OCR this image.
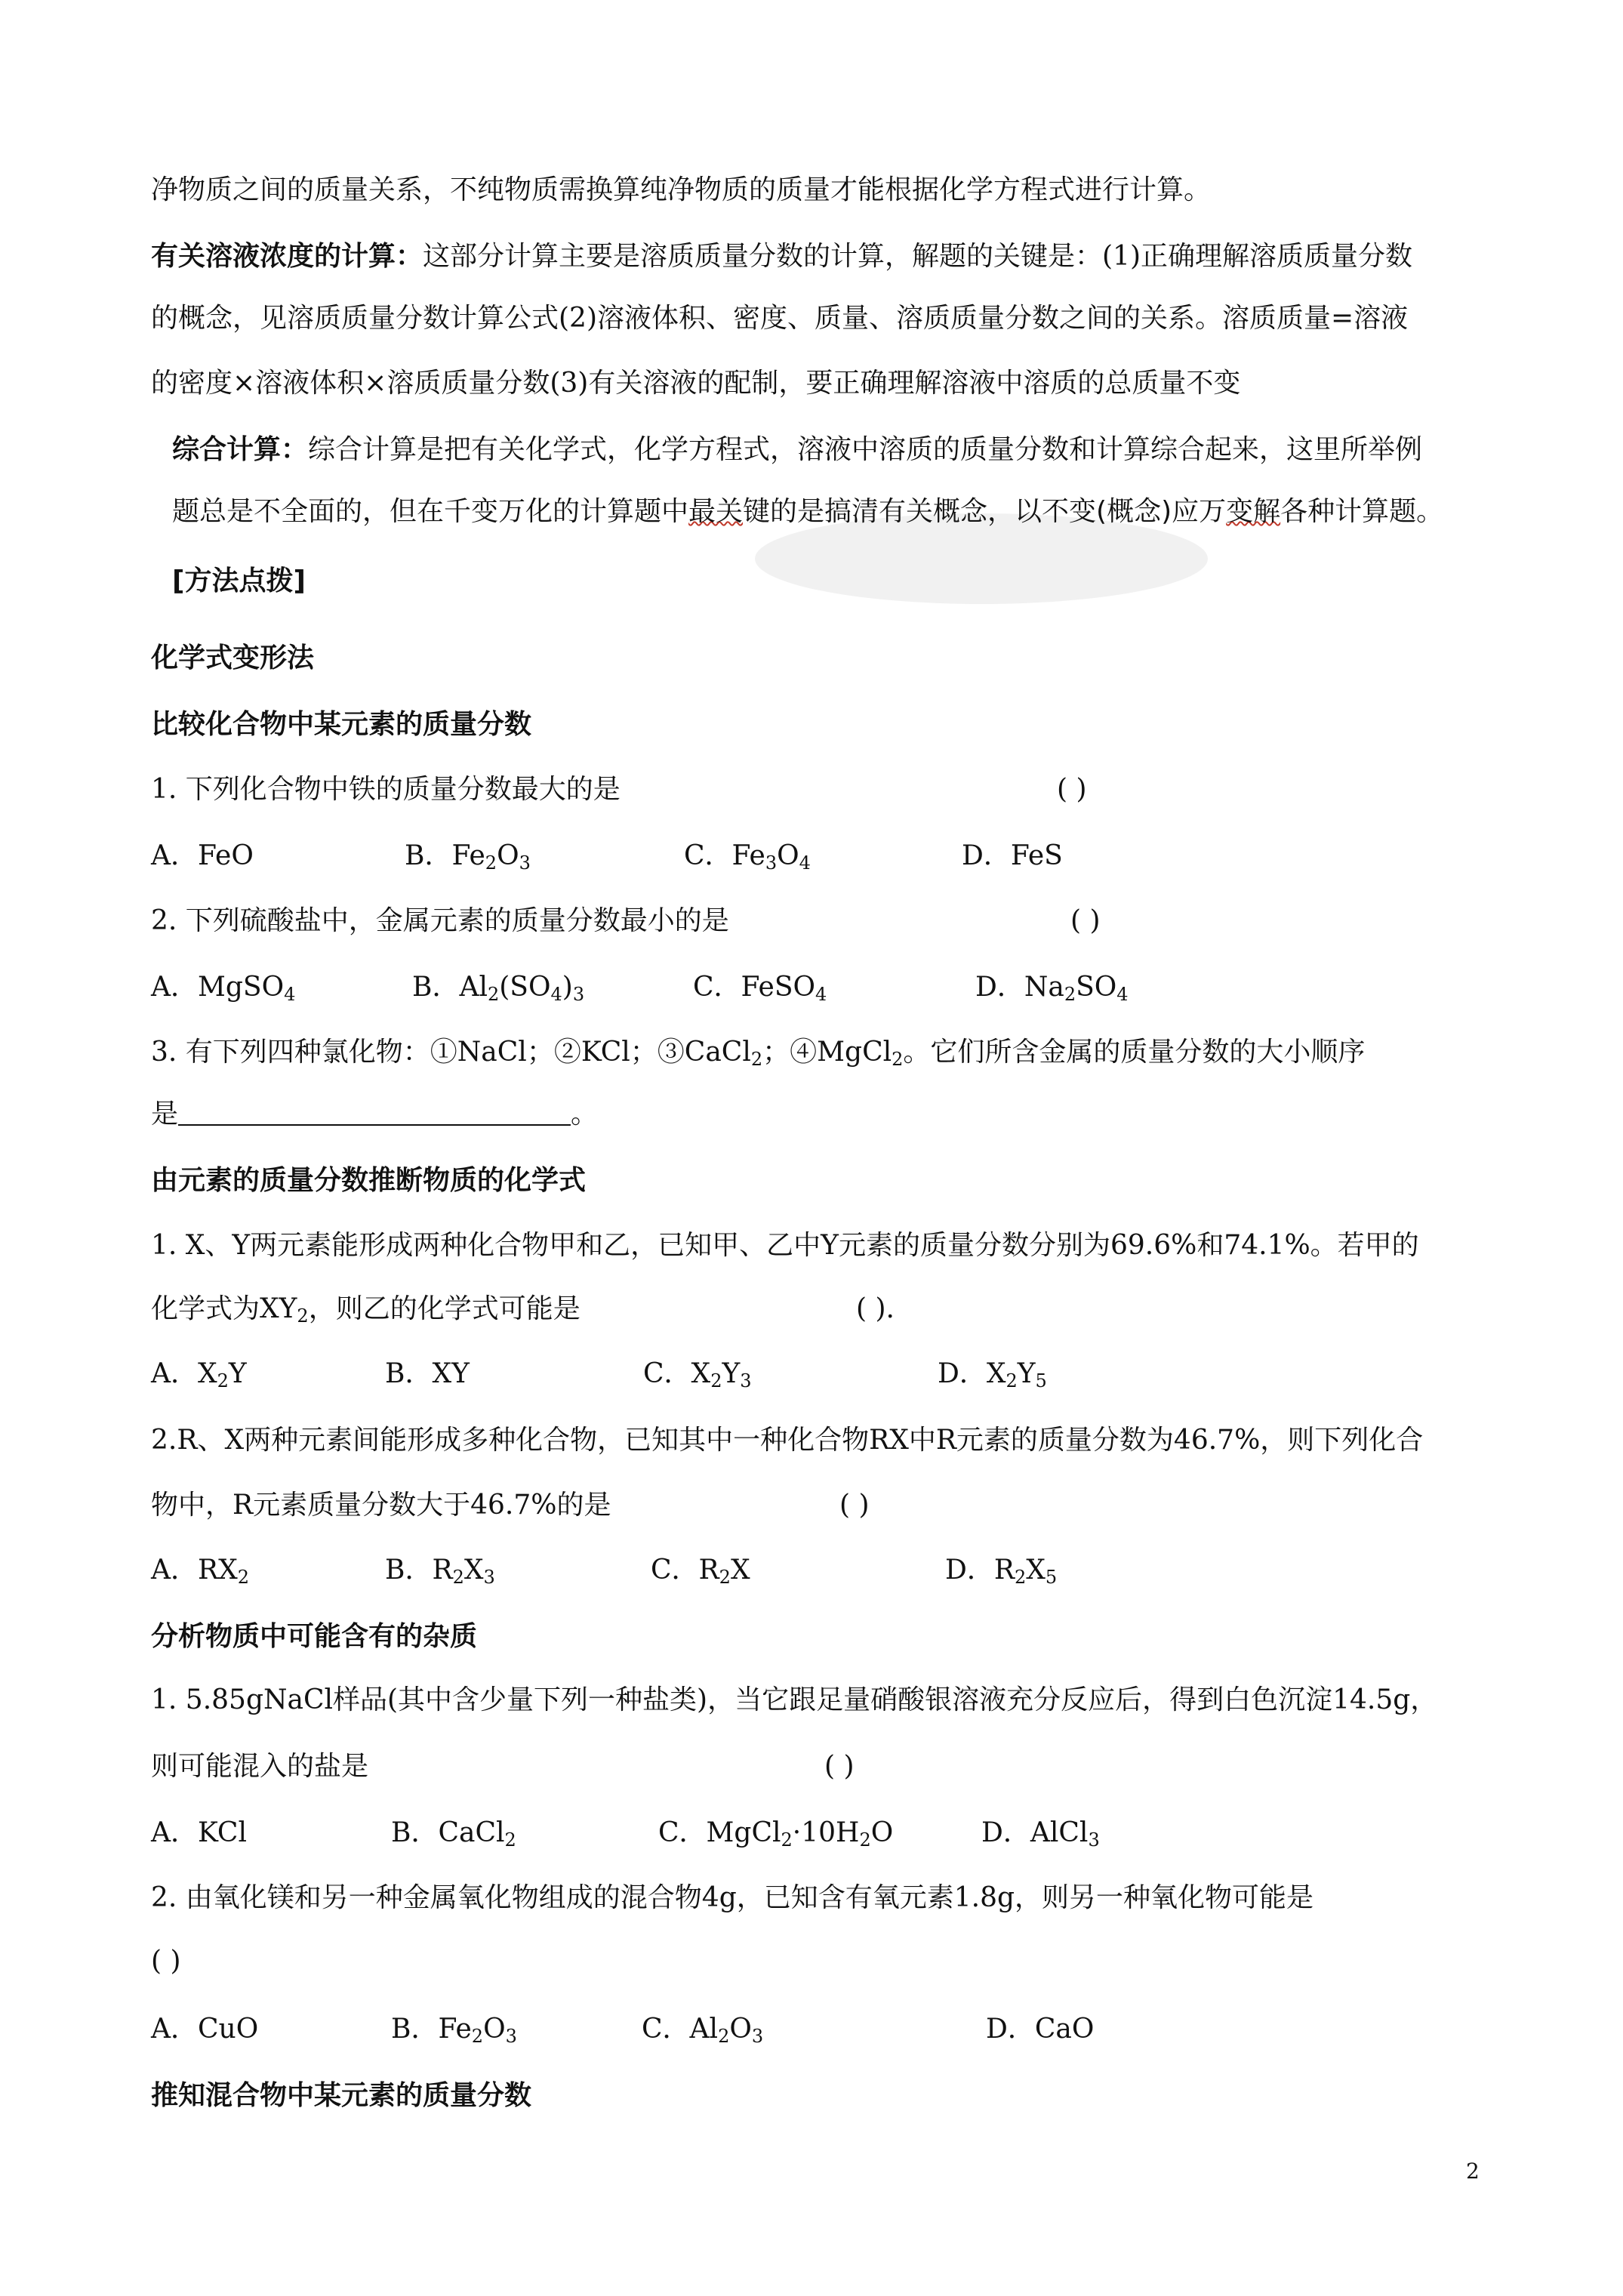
净物质之间的质量关系，不纯物质需换算纯净物质的质量才能根据化学方程式进行计算。
有关溶液浓度的计算：这部分计算主要是溶质质量分数的计算，解题的关键是：(1)正确理解溶质质量分数
的概念，见溶质质量分数计算公式(2)溶液体积、密度、质量、溶质质量分数之间的关系。溶质质量=溶液
的密度×溶液体积×溶质质量分数(3)有关溶液的配制，要正确理解溶液中溶质的总质量不变
综合计算：综合计算是把有关化学式，化学方程式，溶液中溶质的质量分数和计算综合起来，这里所举例
题总是不全面的，但在千变万化的计算题中最关键的是搞清有关概念，以不变(概念)应万变解各种计算题。
[方法点拨]
化学式变形法
比较化合物中某元素的质量分数
1. 下列化合物中铁的质量分数最大的是	( )
A．FeO	B．$Fe_2O_3$	C．$Fe_3O_4$	D．FeS
2. 下列硫酸盐中，金属元素的质量分数最小的是	( )
A．MgSO$_4$	B．$Al_2(SO_4)_3$	C．FeSO$_4$	D．$Na_2SO_4$
3. 有下列四种氯化物：①NaCl；②KCl；③CaCl$_2$；④MgCl$_2$。它们所含金属的质量分数的大小顺序
是	。
由元素的质量分数推断物质的化学式
1. X、Y两元素能形成两种化合物甲和乙，已知甲、乙中Y元素的质量分数分别为69.6%和74.1%。若甲的
化学式为$XY_2$，则乙的化学式可能是	( ).
A．$X_2Y$	B．XY	C．$X_2Y_3$	D．$X_2Y_5$
2.R、X两种元素间能形成多种化合物，已知其中一种化合物RX中R元素的质量分数为46.7%，则下列化合
物中，R元素质量分数大于46.7%的是	( )
A．$RX_2$	B．$R_2X_3$	C．$R_2X$	D．$R_2X_5$
分析物质中可能含有的杂质
1. 5.85gNaCl样品(其中含少量下列一种盐类)，当它跟足量硝酸银溶液充分反应后，得到白色沉淀14.5g，
则可能混入的盐是	( )
A．KCl	B．CaCl$_2$	C．$MgCl_2\cdot 10H_2O$	D．AlCl$_3$
2. 由氧化镁和另一种金属氧化物组成的混合物4g，已知含有氧元素1.8g，则另一种氧化物可能是
( )
A．CuO	B．$Fe_2O_3$	C．$Al_2O_3$	D．CaO
推知混合物中某元素的质量分数
2
